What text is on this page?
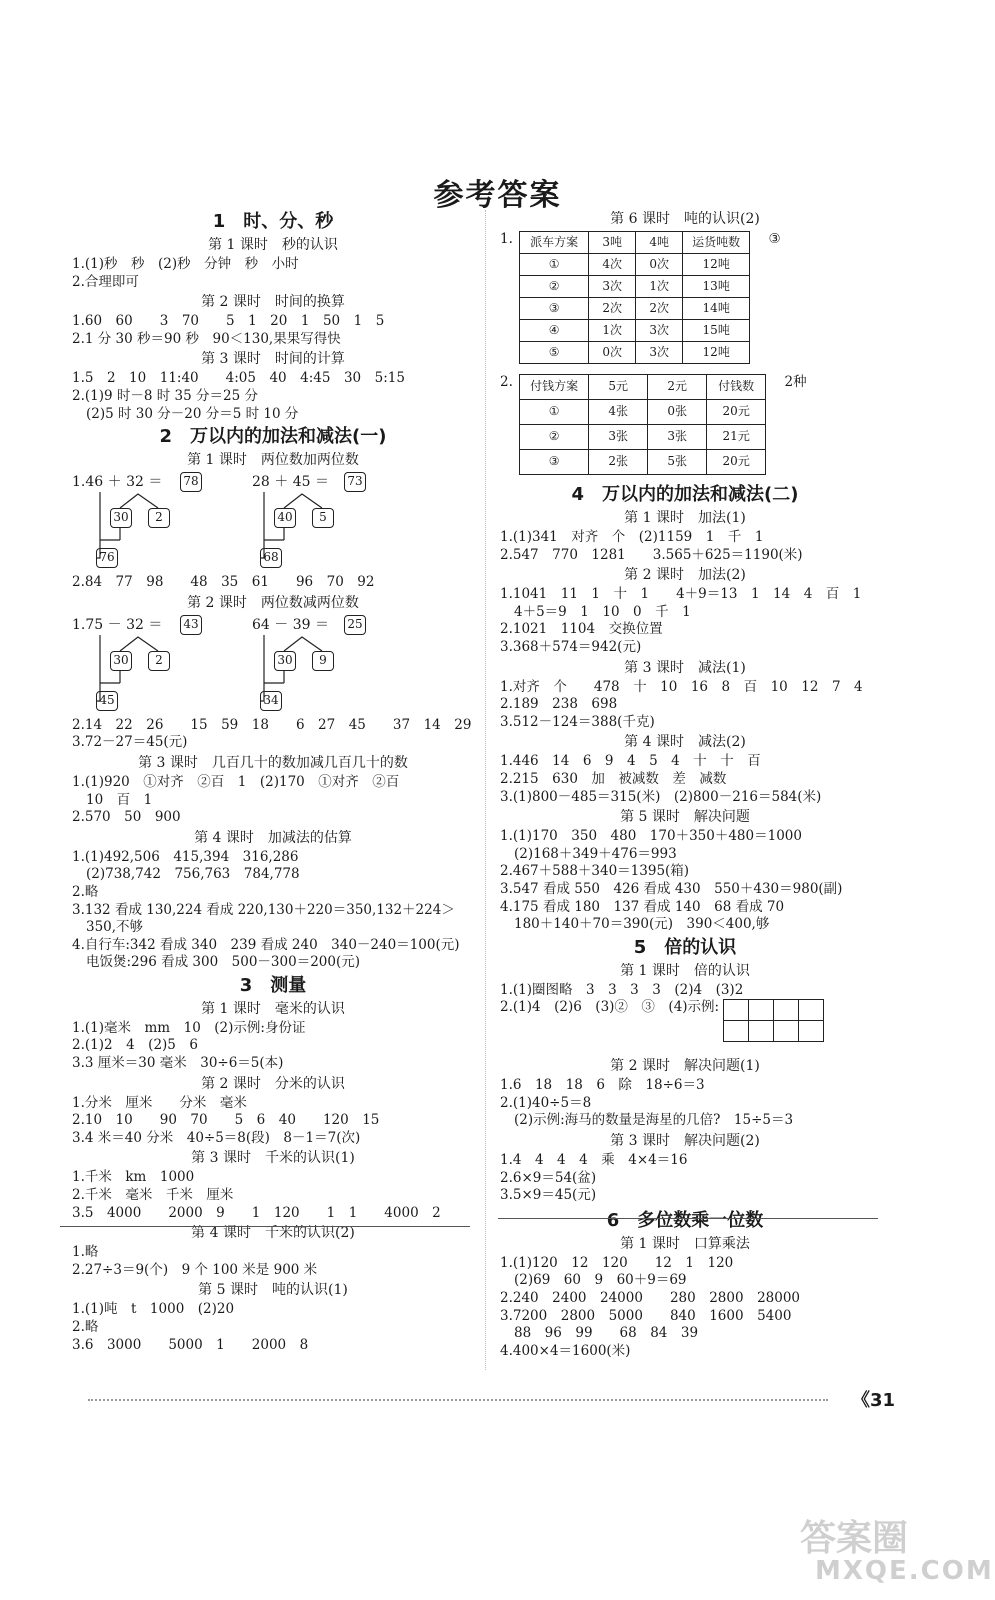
参考答案
1　时、分、秒
第 1 课时　秒的认识
1.(1)秒　秒　(2)秒　分钟　秒　小时
2.合理即可
第 2 课时　时间的换算
1.60　60　　3　70　　5　1　20　1　50　1　5
2.1 分 30 秒＝90 秒　90＜130,果果写得快
第 3 课时　时间的计算
1.5　2　10　11:40　　4:05　40　4:45　30　5:15
2.(1)9 时－8 时 35 分＝25 分
(2)5 时 30 分－20 分＝5 时 10 分
2　万以内的加法和减法(一)
第 1 课时　两位数加两位数
1.46 ＋ 32 ＝ 78
30	2
76
28 ＋ 45 ＝ 73
40	5
68
2.84　77　98　　48　35　61　　96　70　92
第 2 课时　两位数减两位数
1.75 － 32 ＝ 43
30	2
45
64 － 39 ＝ 25
30	9
34
2.14　22　26　　15　59　18　　6　27　45　　37　14　29
3.72－27＝45(元)
第 3 课时　几百几十的数加减几百几十的数
1.(1)920　①对齐　②百　1　(2)170　①对齐　②百
10　百　1
2.570　50　900
第 4 课时　加减法的估算
1.(1)492,506　415,394　316,286
(2)738,742　756,763　784,778
2.略
3.132 看成 130,224 看成 220,130＋220＝350,132＋224＞
350,不够
4.自行车:342 看成 340　239 看成 240　340－240＝100(元)
电饭煲:296 看成 300　500－300＝200(元)
3　测量
第 1 课时　毫米的认识
1.(1)毫米　mm　10　(2)示例:身份证
2.(1)2　4　(2)5　6
3.3 厘米＝30 毫米　30÷6＝5(本)
第 2 课时　分米的认识
1.分米　厘米　　分米　毫米
2.10　10　　90　70　　5　6　40　　120　15
3.4 米＝40 分米　40÷5＝8(段)　8－1＝7(次)
第 3 课时　千米的认识(1)
1.千米　km　1000
2.千米　毫米　千米　厘米
3.5　4000　　2000　9　　1　120　　1　1　　4000　2
第 4 课时　千米的认识(2)
1.略
2.27÷3＝9(个)　9 个 100 米是 900 米
第 5 课时　吨的认识(1)
1.(1)吨　t　1000　(2)20
2.略
3.6　3000　　5000　1　　2000　8
第 6 课时　吨的认识(2)
1. 派车方案	3吨	4吨	运货吨数
①	4次	0次	12吨
②	3次	1次	13吨
③	2次	2次	14吨
④	1次	3次	15吨
⑤	0次	3次	12吨 ③
2. 付钱方案	5元	2元	付钱数
①	4张	0张	20元
②	3张	3张	21元
③	2张	5张	20元 2种
4　万以内的加法和减法(二)
第 1 课时　加法(1)
1.(1)341　对齐　个　(2)1159　1　千　1
2.547　770　1281　　3.565＋625＝1190(米)
第 2 课时　加法(2)
1.1041　11　1　十　1　　4＋9＝13　1　14　4　百　1
4＋5＝9　1　10　0　千　1
2.1021　1104　交换位置
3.368＋574＝942(元)
第 3 课时　减法(1)
1.对齐　个　　478　十　10　16　8　百　10　12　7　4
2.189　238　698
3.512－124＝388(千克)
第 4 课时　减法(2)
1.446　14　6　9　4　5　4　十　十　百
2.215　630　加　被减数　差　减数
3.(1)800－485＝315(米)　(2)800－216＝584(米)
第 5 课时　解决问题
1.(1)170　350　480　170＋350＋480＝1000
(2)168＋349＋476＝993
2.467＋588＋340＝1395(箱)
3.547 看成 550　426 看成 430　550＋430＝980(副)
4.175 看成 180　137 看成 140　68 看成 70
180＋140＋70＝390(元)　390＜400,够
5　倍的认识
第 1 课时　倍的认识
1.(1)圈图略　3　3　3　3　(2)4　(3)2
2.(1)4　(2)6　(3)②　③　(4)示例:			

第 2 课时　解决问题(1)
1.6　18　18　6　除　18÷6＝3
2.(1)40÷5＝8
(2)示例:海马的数量是海星的几倍?　15÷5＝3
第 3 课时　解决问题(2)
1.4　4　4　4　乘　4×4＝16
2.6×9＝54(盆)
3.5×9＝45(元)
6　多位数乘一位数
第 1 课时　口算乘法
1.(1)120　12　120　　12　1　120
(2)69　60　9　60＋9＝69
2.240　2400　24000　　280　2800　28000
3.7200　2800　5000　　840　1600　5400
88　96　99　　68　84　39
4.400×4＝1600(米)
《31
答案圈
MXQE.COM
